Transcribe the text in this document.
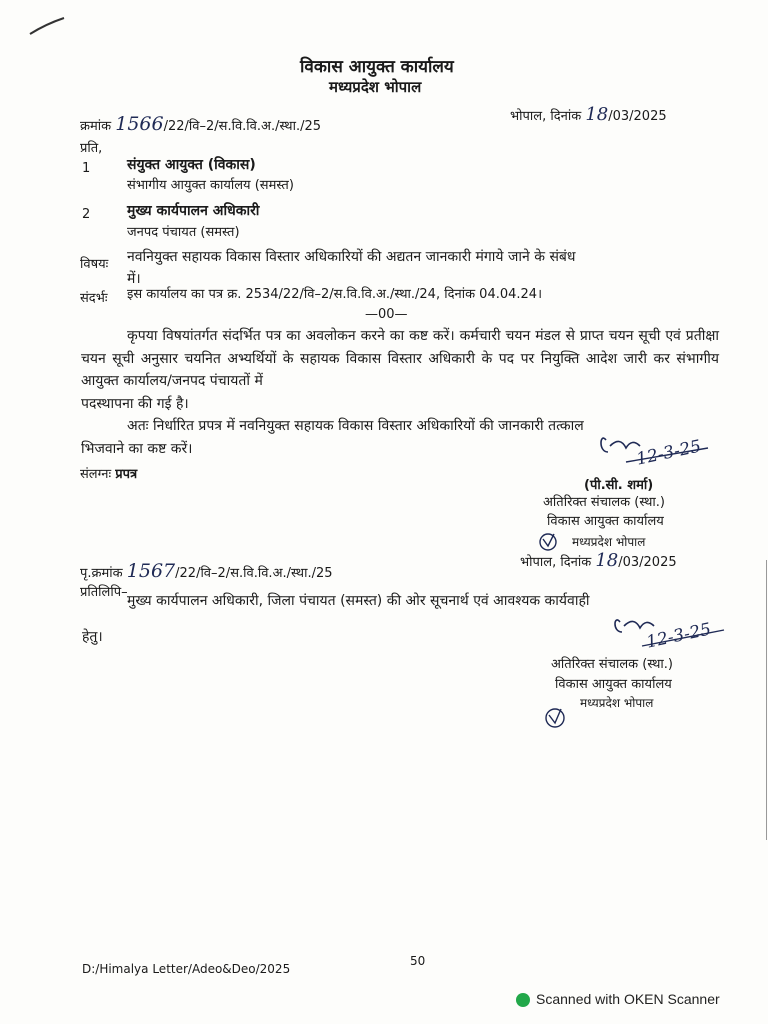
विकास आयुक्त कार्यालय
मध्यप्रदेश भोपाल
क्रमांक 1566/22/वि–2/स.वि.वि.अ./स्था./25
भोपाल, दिनांक 18/03/2025
प्रति,
1	संयुक्त आयुक्त (विकास)
संभागीय आयुक्त कार्यालय (समस्त)
2	मुख्य कार्यपालन अधिकारी
जनपद पंचायत (समस्त)
विषयः नवनियुक्त सहायक विकास विस्तार अधिकारियों की अद्यतन जानकारी मंगाये जाने के संबंध
में।
संदर्भः इस कार्यालय का पत्र क्र. 2534/22/वि–2/स.वि.वि.अ./स्था./24, दिनांक 04.04.24।
—00—
कृपया विषयांतर्गत संदर्भित पत्र का अवलोकन करने का कष्ट करें। कर्मचारी चयन मंडल से प्राप्त चयन सूची एवं प्रतीक्षा चयन सूची अनुसार चयनित अभ्यर्थियों के सहायक विकास विस्तार अधिकारी के पद पर नियुक्ति आदेश जारी कर संभागीय आयुक्त कार्यालय/जनपद पंचायतों में
पदस्थापना की गई है।
अतः निर्धारित प्रपत्र में नवनियुक्त सहायक विकास विस्तार अधिकारियों की जानकारी तत्काल
भिजवाने का कष्ट करें।
संलग्नः प्रपत्र
12-3-25
(पी.सी. शर्मा)
अतिरिक्त संचालक (स्था.)
विकास आयुक्त कार्यालय
मध्यप्रदेश भोपाल
भोपाल, दिनांक 18/03/2025
पृ.क्रमांक 1567/22/वि–2/स.वि.वि.अ./स्था./25
प्रतिलिपि–
मुख्य कार्यपालन अधिकारी, जिला पंचायत (समस्त) की ओर सूचनार्थ एवं आवश्यक कार्यवाही
हेतु।	12-3-25
अतिरिक्त संचालक (स्था.)
विकास आयुक्त कार्यालय
मध्यप्रदेश भोपाल
50
D:/Himalya Letter/Adeo&Deo/2025
Scanned with OKEN Scanner
